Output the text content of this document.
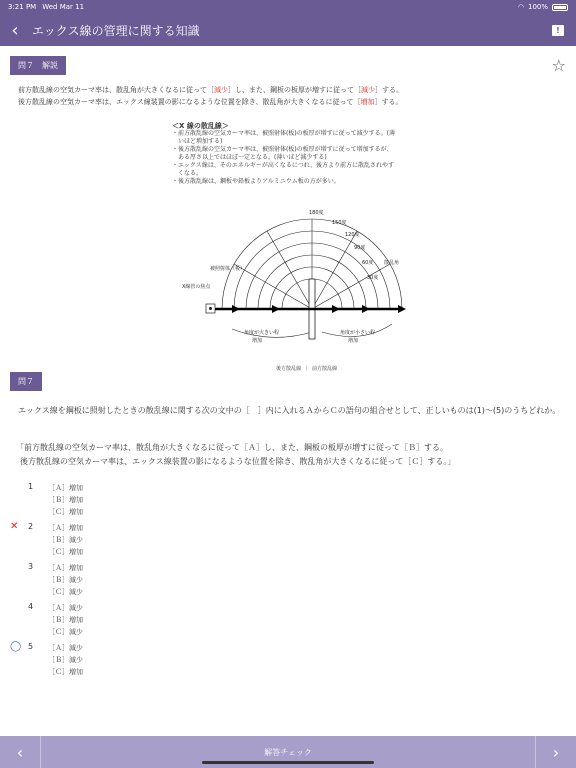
3:21 PM Wed Mar 11	◠ 100%
‹ エックス線の管理に関する知識	!
問７　解説	☆
前方散乱線の空気カーマ率は、散乱角が大きくなるに従って［減少］し、また、鋼板の板厚が増すに従って［減少］する。
後方散乱線の空気カーマ率は、エックス線装置の影になるような位置を除き、散乱角が大きくなるに従って［増加］する。
＜X 線の散乱線＞
・前方散乱線の空気カーマ率は、被照射体(板)の板厚が増すに従って減少する。(薄
　いほど増加する)
・後方散乱線の空気カーマ率は、被照射体(板)の板厚が増すに従って増加するが、
　ある厚さ以上ではほぼ一定となる。(薄いほど減少する)
・エックス線は、そのエネルギーが高くなるにつれ、後方より前方に散乱されやす
　くなる。
・後方散乱線は、鋼板や鉛板よりアルミニウム板の方が多い。
180度
150度
120度
90度
60度
30度
散乱角
被照射体（板）
X線管の焦点
角度が大きい程
増加
角度が小さい程
増加
後方散乱線 ｜ 前方散乱線
問７

エックス線を鋼板に照射したときの散乱線に関する次の文中の［　］内に入れるＡからＣの語句の組合せとして、正しいものは(1)〜(5)のうちどれか。

「前方散乱線の空気カーマ率は、散乱角が大きくなるに従って［Ａ］し、また、鋼板の板厚が増すに従って［Ｂ］する。
後方散乱線の空気カーマ率は、エックス線装置の影になるような位置を除き、散乱角が大きくなるに従って［Ｃ］する。」
1 ［Ａ］増加
［Ｂ］増加
［Ｃ］増加
✕ 2 ［Ａ］増加
［Ｂ］減少
［Ｃ］増加
3 ［Ａ］増加
［Ｂ］減少
［Ｃ］減少
4 ［Ａ］減少
［Ｂ］増加
［Ｃ］減少
◯ 5 ［Ａ］減少
［Ｂ］減少
［Ｃ］増加
‹	解答チェック	›
